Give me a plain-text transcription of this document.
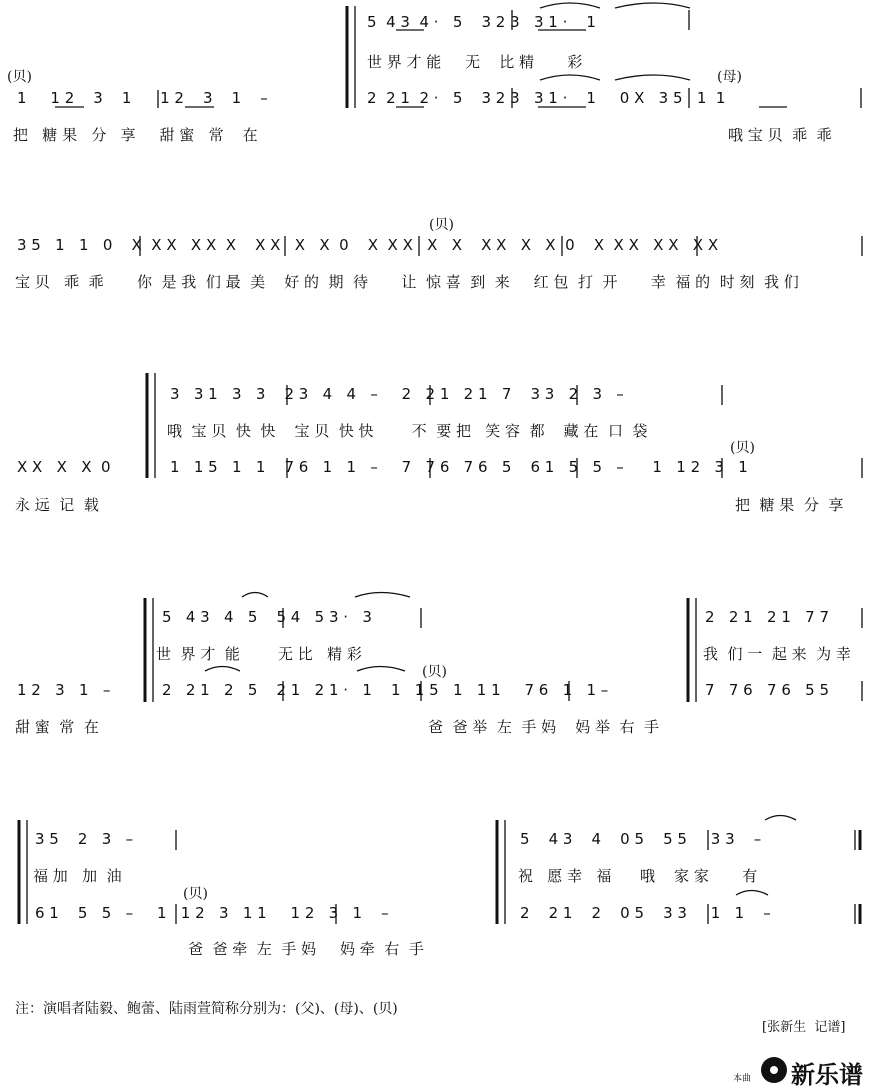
5  4 3  4 ·   5    3 2 3   3 1 ·    1
世 界 才 能     无    比 精       彩
(贝)	(母)
1     1 2    3    1      1 2    3    1    –	2  2 1  2 ·   5    3 2 3   3 1 ·    1     0 X   3 5   1  1
把   糖 果   分   享     甜 蜜   常    在	哦 宝 贝  乖  乖
(贝)
3 5   1   1   0    X  X X   X X  X    X X   X   X  0    X  X X   X   X    X X   X   X  0    X  X X   X X   X X
宝 贝   乖  乖       你  是 我  们 最  美    好 的  期  待       让  惊 喜  到  来     红 包  打  开       幸  福 的  时 刻  我 们
3   3 1   3   3    2 3   4   4   –     2   2 1   2 1   7    3 3   2   3   –
哦  宝 贝  快  快    宝 贝  快 快        不  要 把   笑 容  都    藏 在  口  袋
(贝)
X X   X   X  0	1   1 5   1   1    7 6   1   1   –     7   7 6   7 6   5    6 1   5   5   –      1   1 2   3   1
永 远  记  载	把  糖 果  分  享
5   4 3   4   5    5 4   5 3 ·   3
世  界 才  能        无 比   精 彩
2   2 1   2 1   7 7
我  们 一  起 来  为 幸
(贝)
1 2   3   1   –	2   2 1   2   5    2 1   2 1 ·   1    1   1 5   1   1 1     7 6   1   1 –	7   7 6   7 6   5 5
甜 蜜  常  在	爸  爸 举  左  手 妈    妈 举  右  手
3 5    2   3   –
福 加   加  油
5    4 3    4    0 5    5 5     3 3    –
祝   愿 幸   福      哦    家 家       有
(贝)
6 1    5   5   –     1   1 2   3   1 1     1 2   3   1    –	2    2 1    2    0 5    3 3     1   1    –
爸  爸 牵  左  手 妈     妈 牵  右  手
注：演唱者陆毅、鲍蕾、陆雨萱简称分别为：(父)、(母)、(贝)
[张新生  记谱]
本曲 新乐谱
